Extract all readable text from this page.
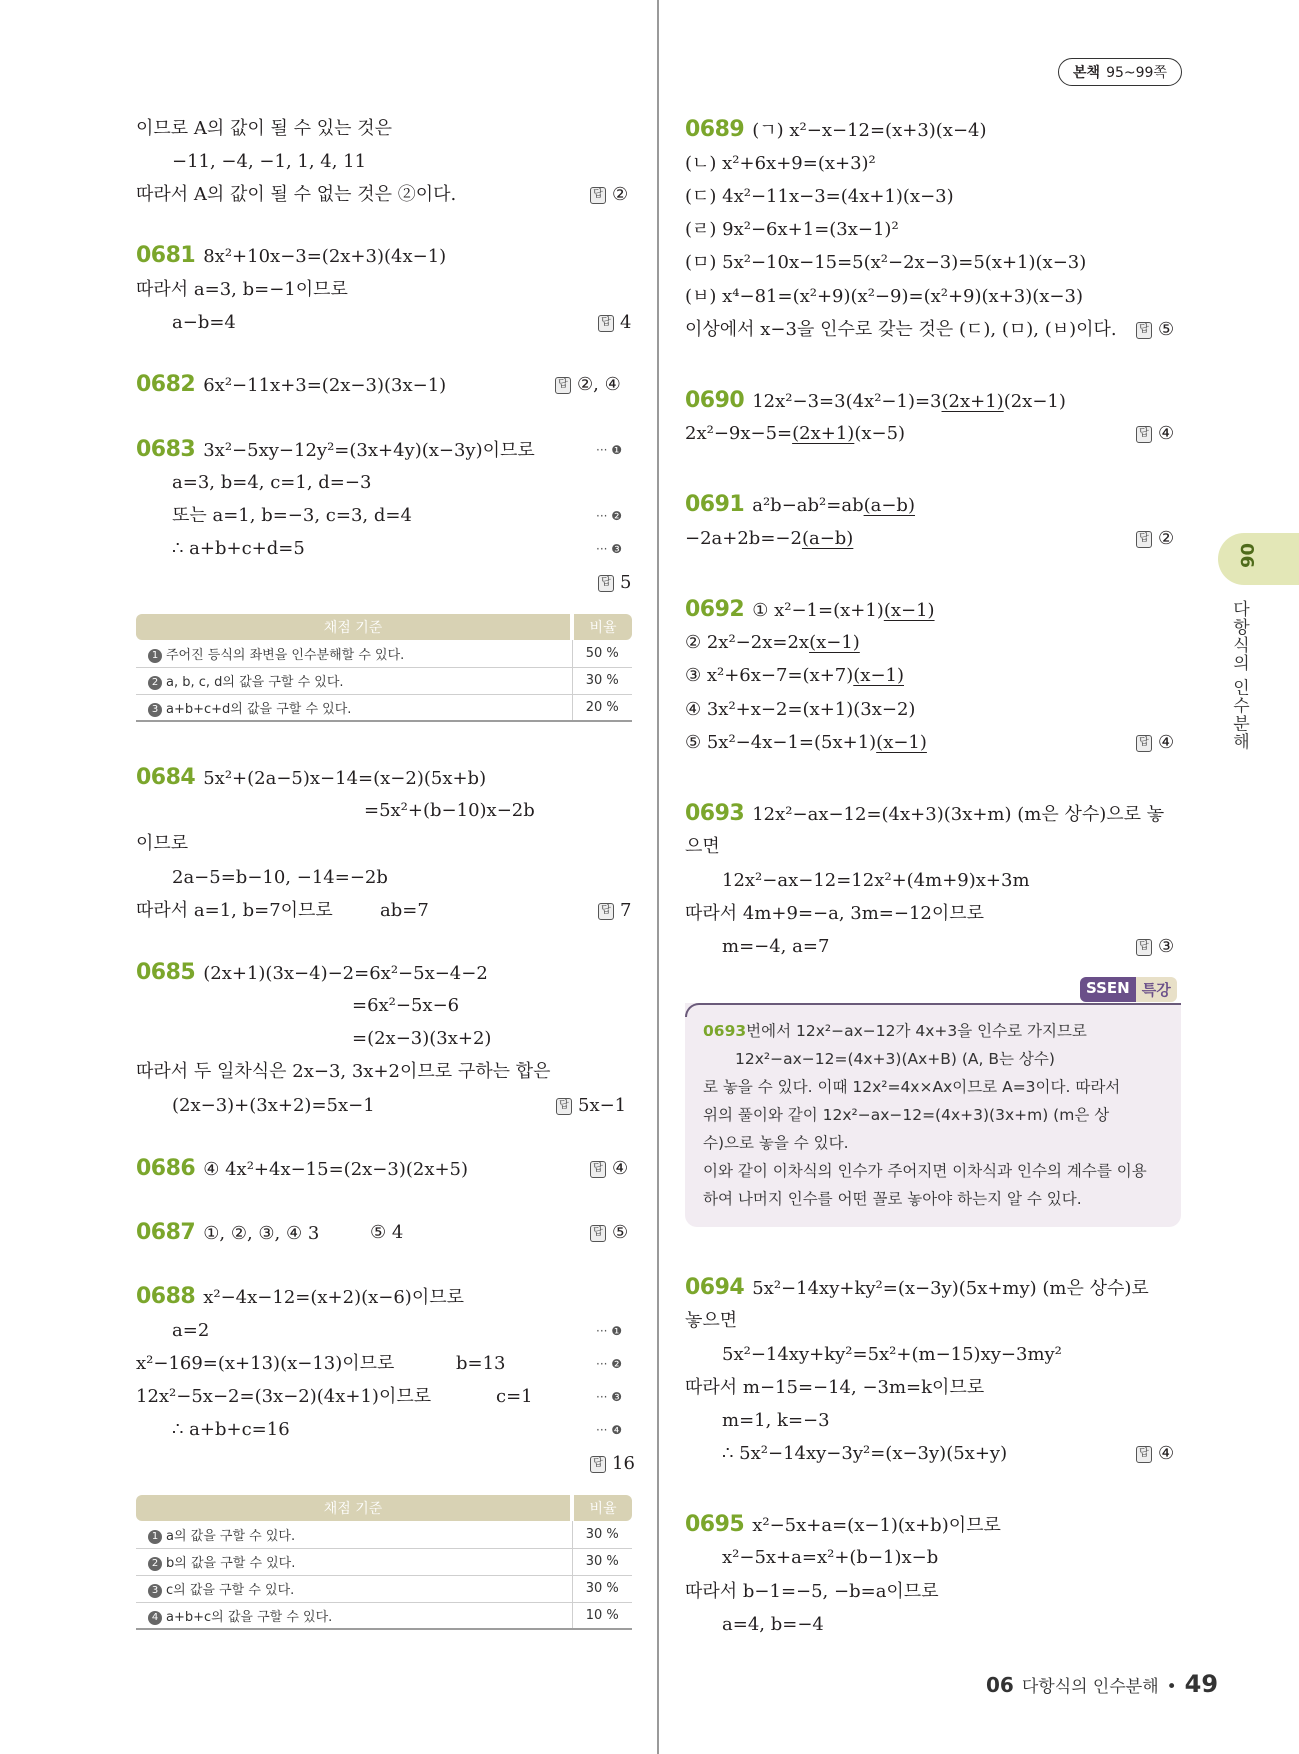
본책 95~99쪽
이므로 A의 값이 될 수 있는 것은
−11, −4, −1, 1, 4, 11
따라서 A의 값이 될 수 없는 것은 ②이다.	답 ②
0681 8x²+10x−3=(2x+3)(4x−1)
따라서 a=3, b=−1이므로
a−b=4	답 4
0682 6x²−11x+3=(2x−3)(3x−1)	답 ②, ④
0683 3x²−5xy−12y²=(3x+4y)(x−3y)이므로	··· ❶
a=3, b=4, c=1, d=−3
또는 a=1, b=−3, c=3, d=4	··· ❷
∴ a+b+c+d=5	··· ❸
답 5
채점 기준	비율
1 주어진 등식의 좌변을 인수분해할 수 있다.	50 %
2 a, b, c, d의 값을 구할 수 있다.	30 %
3 a+b+c+d의 값을 구할 수 있다.	20 %
0684 5x²+(2a−5)x−14=(x−2)(5x+b)
=5x²+(b−10)x−2b
이므로
2a−5=b−10, −14=−2b
따라서 a=1, b=7이므로	ab=7	답 7
0685 (2x+1)(3x−4)−2=6x²−5x−4−2
=6x²−5x−6
=(2x−3)(3x+2)
따라서 두 일차식은 2x−3, 3x+2이므로 구하는 합은
(2x−3)+(3x+2)=5x−1	답 5x−1
0686 ④ 4x²+4x−15=(2x−3)(2x+5)	답 ④
0687 ①, ②, ③, ④ 3	⑤ 4	답 ⑤
0688 x²−4x−12=(x+2)(x−6)이므로
a=2	··· ❶
x²−169=(x+13)(x−13)이므로	b=13	··· ❷
12x²−5x−2=(3x−2)(4x+1)이므로	c=1	··· ❸
∴ a+b+c=16	··· ❹
답 16
채점 기준	비율
1 a의 값을 구할 수 있다.	30 %
2 b의 값을 구할 수 있다.	30 %
3 c의 값을 구할 수 있다.	30 %
4 a+b+c의 값을 구할 수 있다.	10 %
0689 (ㄱ) x²−x−12=(x+3)(x−4)
(ㄴ) x²+6x+9=(x+3)²
(ㄷ) 4x²−11x−3=(4x+1)(x−3)
(ㄹ) 9x²−6x+1=(3x−1)²
(ㅁ) 5x²−10x−15=5(x²−2x−3)=5(x+1)(x−3)
(ㅂ) x⁴−81=(x²+9)(x²−9)=(x²+9)(x+3)(x−3)
이상에서 x−3을 인수로 갖는 것은 (ㄷ), (ㅁ), (ㅂ)이다.	답 ⑤
0690 12x²−3=3(4x²−1)=3(2x+1)(2x−1)
2x²−9x−5=(2x+1)(x−5)	답 ④
0691 a²b−ab²=ab(a−b)
−2a+2b=−2(a−b)	답 ②
0692 ① x²−1=(x+1)(x−1)
② 2x²−2x=2x(x−1)
③ x²+6x−7=(x+7)(x−1)
④ 3x²+x−2=(x+1)(3x−2)
⑤ 5x²−4x−1=(5x+1)(x−1)	답 ④
0693 12x²−ax−12=(4x+3)(3x+m) (m은 상수)으로 놓
으면
12x²−ax−12=12x²+(4m+9)x+3m
따라서 4m+9=−a, 3m=−12이므로
m=−4, a=7	답 ③
SSEN 특강
0693번에서 12x²−ax−12가 4x+3을 인수로 가지므로
12x²−ax−12=(4x+3)(Ax+B) (A, B는 상수)
로 놓을 수 있다. 이때 12x²=4x×Ax이므로 A=3이다. 따라서
위의 풀이와 같이 12x²−ax−12=(4x+3)(3x+m) (m은 상
수)으로 놓을 수 있다.
이와 같이 이차식의 인수가 주어지면 이차식과 인수의 계수를 이용
하여 나머지 인수를 어떤 꼴로 놓아야 하는지 알 수 있다.
0694 5x²−14xy+ky²=(x−3y)(5x+my) (m은 상수)로
놓으면
5x²−14xy+ky²=5x²+(m−15)xy−3my²
따라서 m−15=−14, −3m=k이므로
m=1, k=−3
∴ 5x²−14xy−3y²=(x−3y)(5x+y)	답 ④
0695 x²−5x+a=(x−1)(x+b)이므로
x²−5x+a=x²+(b−1)x−b
따라서 b−1=−5, −b=a이므로
a=4, b=−4
06
다항식의 인수분해
06 다항식의 인수분해 • 49
